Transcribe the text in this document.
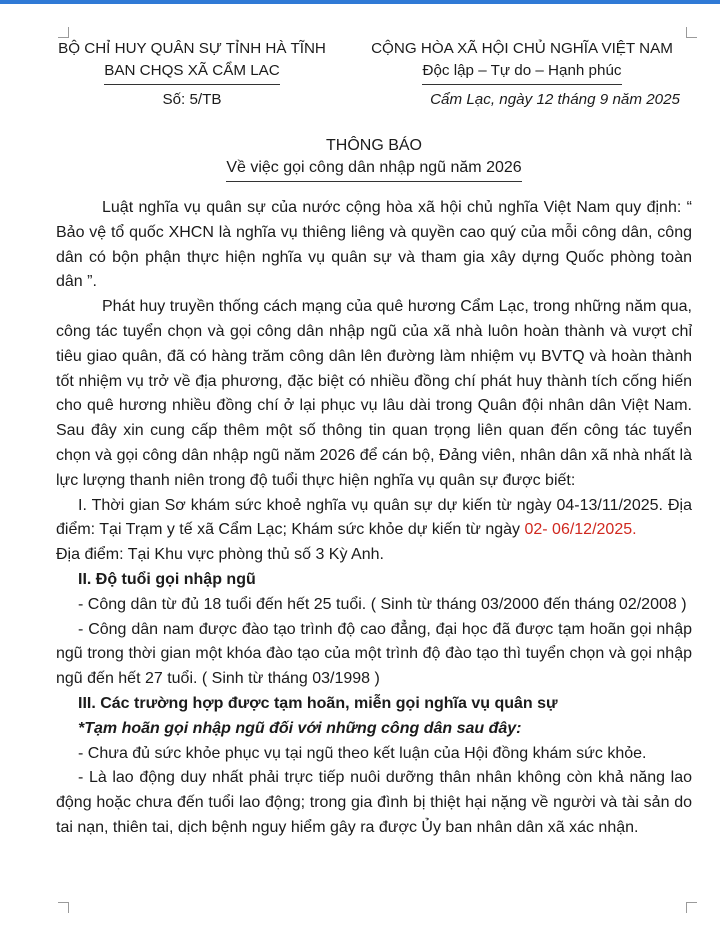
BỘ CHỈ HUY QUÂN SỰ TỈNH HÀ TĨNH
BAN CHQS XÃ CẨM LAC
CỘNG HÒA XÃ HỘI CHỦ NGHĨA VIỆT NAM
Độc lập – Tự do – Hạnh phúc
Số: 5/TB	Cẩm Lạc, ngày 12 tháng 9 năm 2025
THÔNG BÁO
Về việc gọi công dân nhập ngũ năm 2026

Luật nghĩa vụ quân sự của nước cộng hòa xã hội chủ nghĩa Việt Nam quy định: “ Bảo vệ tổ quốc XHCN là nghĩa vụ thiêng liêng và quyền cao quý của mỗi công dân, công dân có bộn phận thực hiện nghĩa vụ quân sự và tham gia xây dựng Quốc phòng toàn dân ”.

Phát huy truyền thống cách mạng của quê hương Cẩm Lạc, trong những năm qua, công tác tuyển chọn và gọi công dân nhập ngũ của xã nhà luôn hoàn thành và vượt chỉ tiêu giao quân, đã có hàng trăm công dân lên đường làm nhiệm vụ BVTQ và hoàn thành tốt nhiệm vụ trở về địa phương, đặc biệt có nhiều đồng chí phát huy thành tích cống hiến cho quê hương nhiều đồng chí ở lại phục vụ lâu dài trong Quân đội nhân dân Việt Nam. Sau đây xin cung cấp thêm một số thông tin quan trọng liên quan đến công tác tuyển chọn và gọi công dân nhập ngũ năm 2026 để cán bộ, Đảng viên, nhân dân xã nhà nhất là lực lượng thanh niên trong độ tuổi thực hiện nghĩa vụ quân sự được biết:

I. Thời gian Sơ khám sức khoẻ nghĩa vụ quân sự dự kiến từ ngày 04-13/11/2025. Địa điểm: Tại Trạm y tế xã Cẩm Lạc; Khám sức khỏe dự kiến từ ngày 02- 06/12/2025.
Địa điểm: Tại Khu vực phòng thủ số 3 Kỳ Anh.

II. Độ tuổi gọi nhập ngũ

- Công dân từ đủ 18 tuổi đến hết 25 tuổi. ( Sinh từ tháng 03/2000 đến tháng 02/2008 )

- Công dân nam được đào tạo trình độ cao đẳng, đại học đã được tạm hoãn gọi nhập ngũ trong thời gian một khóa đào tạo của một trình độ đào tạo thì tuyển chọn và gọi nhập ngũ đến hết 27 tuổi. ( Sinh từ tháng 03/1998 )

III. Các trường hợp được tạm hoãn, miễn gọi nghĩa vụ quân sự

*Tạm hoãn gọi nhập ngũ đối với những công dân sau đây:

- Chưa đủ sức khỏe phục vụ tại ngũ theo kết luận của Hội đồng khám sức khỏe.

- Là lao động duy nhất phải trực tiếp nuôi dưỡng thân nhân không còn khả năng lao động hoặc chưa đến tuổi lao động; trong gia đình bị thiệt hại nặng về người và tài sản do tai nạn, thiên tai, dịch bệnh nguy hiểm gây ra được Ủy ban nhân dân xã xác nhận.
